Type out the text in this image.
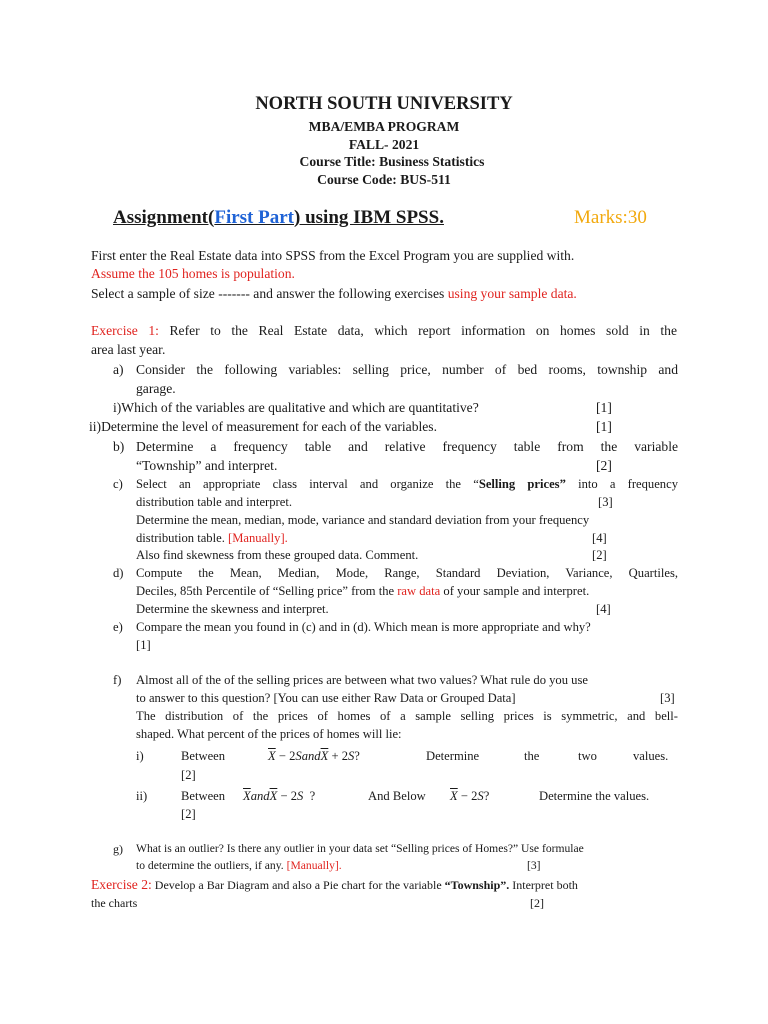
NORTH SOUTH UNIVERSITY
MBA/EMBA PROGRAM
FALL- 2021
Course Title: Business Statistics
Course Code: BUS-511
Assignment(First Part) using IBM SPSS.	Marks:30
First enter the Real Estate data into SPSS from the Excel Program you are supplied with.
Assume the 105 homes is population.
Select a sample of size ------- and answer the following exercises using your sample data.
Exercise 1: Refer to the Real Estate data, which report information on homes sold in the
area last year.
a) Consider the following variables: selling price, number of bed rooms, township and
garage.
i)Which of the variables are qualitative and which are quantitative?	[1]
ii)Determine the level of measurement for each of the variables.	[1]
b) Determine a frequency table and relative frequency table from the variable
“Township” and interpret.	[2]
c) Select an appropriate class interval and organize the “Selling prices” into a frequency
distribution table and interpret.	[3]
Determine the mean, median, mode, variance and standard deviation from your frequency
distribution table. [Manually].	[4]
Also find skewness from these grouped data. Comment.	[2]
d) Compute the Mean, Median, Mode, Range, Standard Deviation, Variance, Quartiles,
Deciles, 85th Percentile of “Selling price” from the raw data of your sample and interpret.
Determine the skewness and interpret.	[4]
e) Compare the mean you found in (c) and in (d). Which mean is more appropriate and why?
[1]
f) Almost all of the of the selling prices are between what two values? What rule do you use
to answer to this question? [You can use either Raw Data or Grouped Data]	[3]
The distribution of the prices of homes of a sample selling prices is symmetric, and bell-
shaped. What percent of the prices of homes will lie:
i)	Between	$\overline{X}$ − $2Sand\overline{X} + 2S$?	Determine	the	two	values.
[2]
ii)	Between $\overline{X}and\overline{X} - 2S$ ?	And Below $\overline{X} - 2S$?	Determine the values.
[2]
g) What is an outlier? Is there any outlier in your data set “Selling prices of Homes?” Use formulae
to determine the outliers, if any. [Manually].	[3]
Exercise 2: Develop a Bar Diagram and also a Pie chart for the variable “Township”. Interpret both
the charts	[2]
